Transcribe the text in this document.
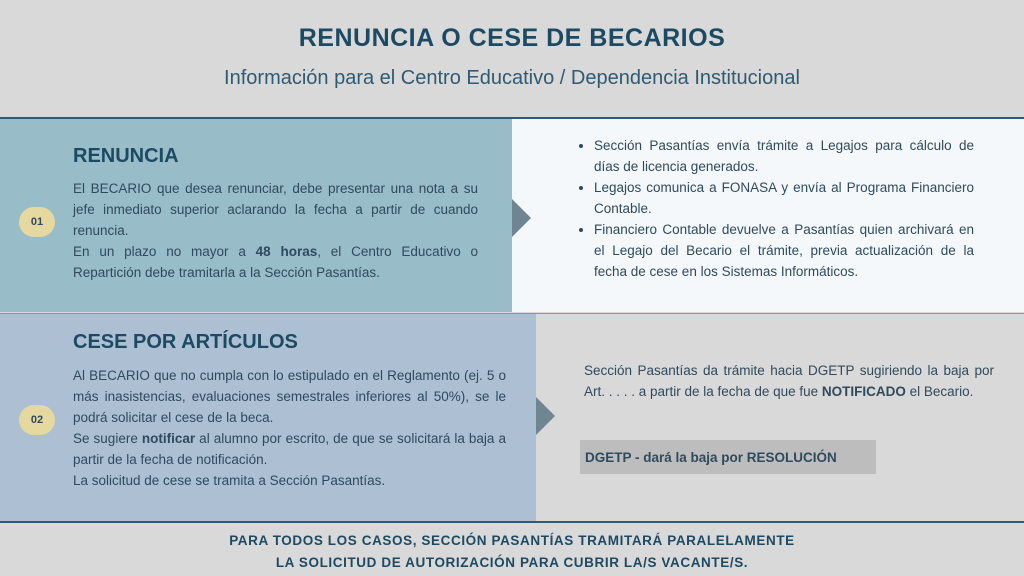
RENUNCIA O CESE DE BECARIOS
Información para el Centro Educativo / Dependencia Institucional
01
RENUNCIA

El BECARIO que desea renunciar, debe presentar una nota a su jefe inmediato superior aclarando la fecha a partir de cuando renuncia.

En un plazo no mayor a 48 horas, el Centro Educativo o Repartición debe tramitarla a la Sección Pasantías.

• Sección Pasantías envía trámite a Legajos para cálculo de días de licencia generados.
• Legajos comunica a FONASA y envía al Programa Financiero Contable.
• Financiero Contable devuelve a Pasantías quien archivará en el Legajo del Becario el trámite, previa actualización de la fecha de cese en los Sistemas Informáticos.
02
CESE POR ARTÍCULOS

Al BECARIO que no cumpla con lo estipulado en el Reglamento (ej. 5 o más inasistencias, evaluaciones semestrales inferiores al 50%), se le podrá solicitar el cese de la beca.

Se sugiere notificar al alumno por escrito, de que se solicitará la baja a partir de la fecha de notificación.

La solicitud de cese se tramita a Sección Pasantías.

Sección Pasantías da trámite hacia DGETP sugiriendo la baja por Art. . . . . a partir de la fecha de que fue NOTIFICADO el Becario.

DGETP - dará la baja por RESOLUCIÓN
PARA TODOS LOS CASOS, SECCIÓN PASANTÍAS TRAMITARÁ PARALELAMENTE
LA SOLICITUD DE AUTORIZACIÓN PARA CUBRIR LA/S VACANTE/S.
